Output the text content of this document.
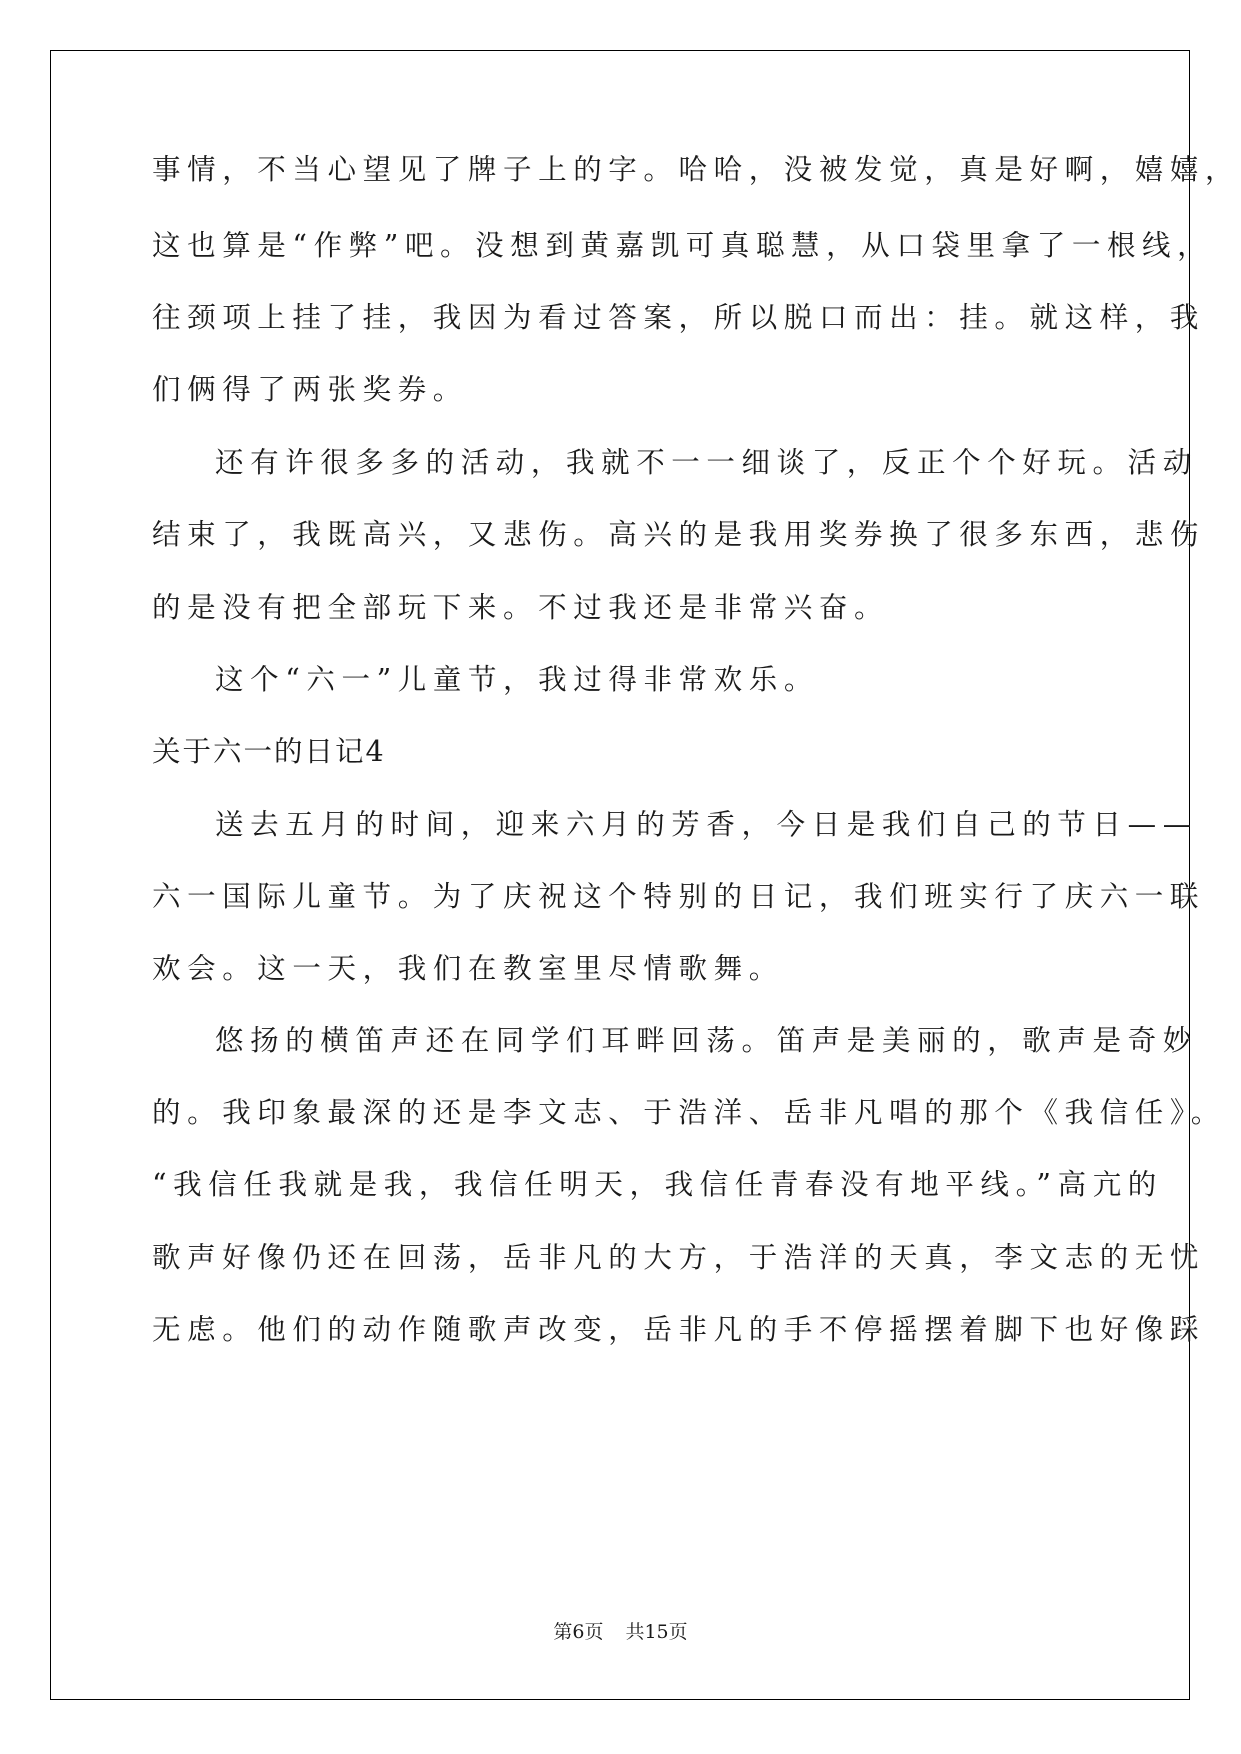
事情，不当心望见了牌子上的字。哈哈，没被发觉，真是好啊，嬉嬉，
这也算是“作弊”吧。没想到黄嘉凯可真聪慧，从口袋里拿了一根线，
往颈项上挂了挂，我因为看过答案，所以脱口而出：挂。就这样，我
们俩得了两张奖券。
还有许很多多的活动，我就不一一细谈了，反正个个好玩。活动
结束了，我既高兴，又悲伤。高兴的是我用奖券换了很多东西，悲伤
的是没有把全部玩下来。不过我还是非常兴奋。
这个“六一”儿童节，我过得非常欢乐。
关于六一的日记4
送去五月的时间，迎来六月的芳香，今日是我们自己的节日——
六一国际儿童节。为了庆祝这个特别的日记，我们班实行了庆六一联
欢会。这一天，我们在教室里尽情歌舞。
悠扬的横笛声还在同学们耳畔回荡。笛声是美丽的，歌声是奇妙
的。我印象最深的还是李文志、于浩洋、岳非凡唱的那个《我信任》。
“我信任我就是我，我信任明天，我信任青春没有地平线。”高亢的
歌声好像仍还在回荡，岳非凡的大方，于浩洋的天真，李文志的无忧
无虑。他们的动作随歌声改变，岳非凡的手不停摇摆着脚下也好像踩
第6页 共15页
